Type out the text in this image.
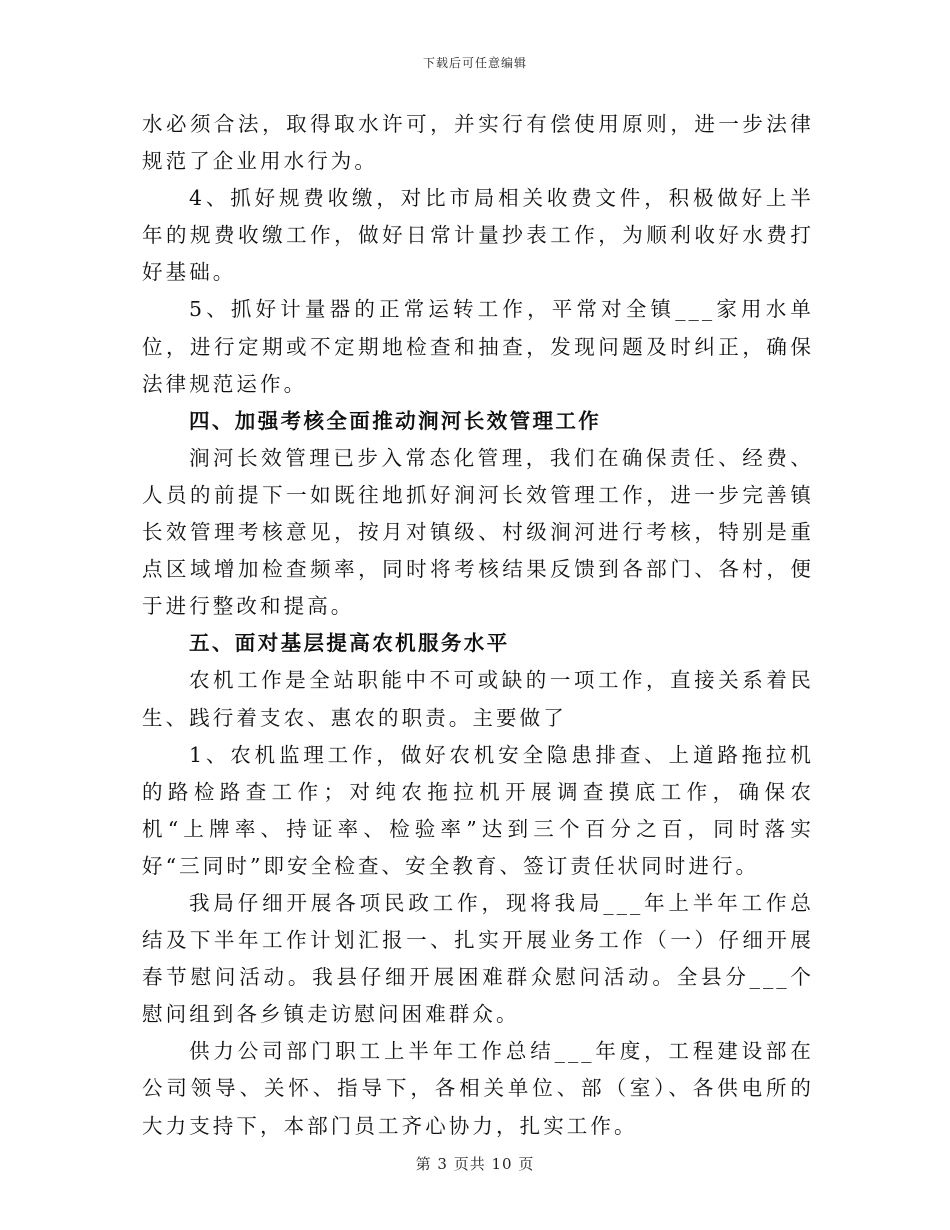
下载后可任意编辑

水必须合法，取得取水许可，并实行有偿使用原则，进一步法律规范了企业用水行为。

4、抓好规费收缴，对比市局相关收费文件，积极做好上半年的规费收缴工作，做好日常计量抄表工作，为顺利收好水费打好基础。

5、抓好计量器的正常运转工作，平常对全镇___家用水单位，进行定期或不定期地检查和抽查，发现问题及时纠正，确保法律规范运作。

四、加强考核全面推动涧河长效管理工作

涧河长效管理已步入常态化管理，我们在确保责任、经费、人员的前提下一如既往地抓好涧河长效管理工作，进一步完善镇长效管理考核意见，按月对镇级、村级涧河进行考核，特别是重点区域增加检查频率，同时将考核结果反馈到各部门、各村，便于进行整改和提高。

五、面对基层提高农机服务水平

农机工作是全站职能中不可或缺的一项工作，直接关系着民生、践行着支农、惠农的职责。主要做了

1、农机监理工作，做好农机安全隐患排查、上道路拖拉机的路检路查工作；对纯农拖拉机开展调查摸底工作，确保农机“上牌率、持证率、检验率”达到三个百分之百，同时落实好“三同时”即安全检查、安全教育、签订责任状同时进行。

我局仔细开展各项民政工作，现将我局___年上半年工作总结及下半年工作计划汇报一、扎实开展业务工作（一）仔细开展春节慰问活动。我县仔细开展困难群众慰问活动。全县分___个慰问组到各乡镇走访慰问困难群众。

供力公司部门职工上半年工作总结___年度，工程建设部在公司领导、关怀、指导下，各相关单位、部（室）、各供电所的大力支持下，本部门员工齐心协力，扎实工作。

第 3 页共 10 页
